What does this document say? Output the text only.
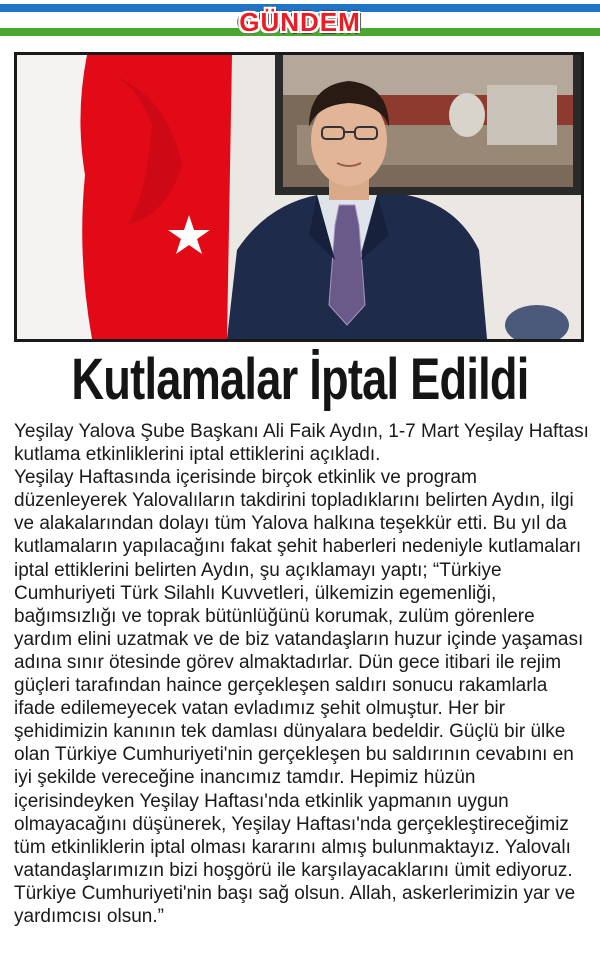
GÜNDEM
Kutlamalar İptal Edildi

Yeşilay Yalova Şube Başkanı Ali Faik Aydın, 1-7 Mart Yeşilay Haftası kutlama etkinliklerini iptal ettiklerini açıkladı.

Yeşilay Haftasında içerisinde birçok etkinlik ve program düzenleyerek Yalovalıların takdirini topladıklarını belirten Aydın, ilgi ve alakalarından dolayı tüm Yalova halkına teşekkür etti. Bu yıl da kutlamaların yapılacağını fakat şehit haberleri nedeniyle kutlamaları iptal ettiklerini belirten Aydın, şu açıklamayı yaptı; “Türkiye Cumhuriyeti Türk Silahlı Kuvvetleri, ülkemizin egemenliği, bağımsızlığı ve toprak bütünlüğünü korumak, zulüm görenlere yardım elini uzatmak ve de biz vatandaşların huzur içinde yaşaması adına sınır ötesinde görev almaktadırlar. Dün gece itibari ile rejim güçleri tarafından haince gerçekleşen saldırı sonucu rakamlarla ifade edilemeyecek vatan evladımız şehit olmuştur. Her bir şehidimizin kanının tek damlası dünyalara bedeldir. Güçlü bir ülke olan Türkiye Cumhuriyeti'nin gerçekleşen bu saldırının cevabını en iyi şekilde vereceğine inancımız tamdır. Hepimiz hüzün içerisindeyken Yeşilay Haftası'nda etkinlik yapmanın uygun olmayacağını düşünerek, Yeşilay Haftası'nda gerçekleştireceğimiz tüm etkinliklerin iptal olması kararını almış bulunmaktayız. Yalovalı vatandaşlarımızın bizi hoşgörü ile karşılayacaklarını ümit ediyoruz. Türkiye Cumhuriyeti'nin başı sağ olsun. Allah, askerlerimizin yar ve yardımcısı olsun.”
